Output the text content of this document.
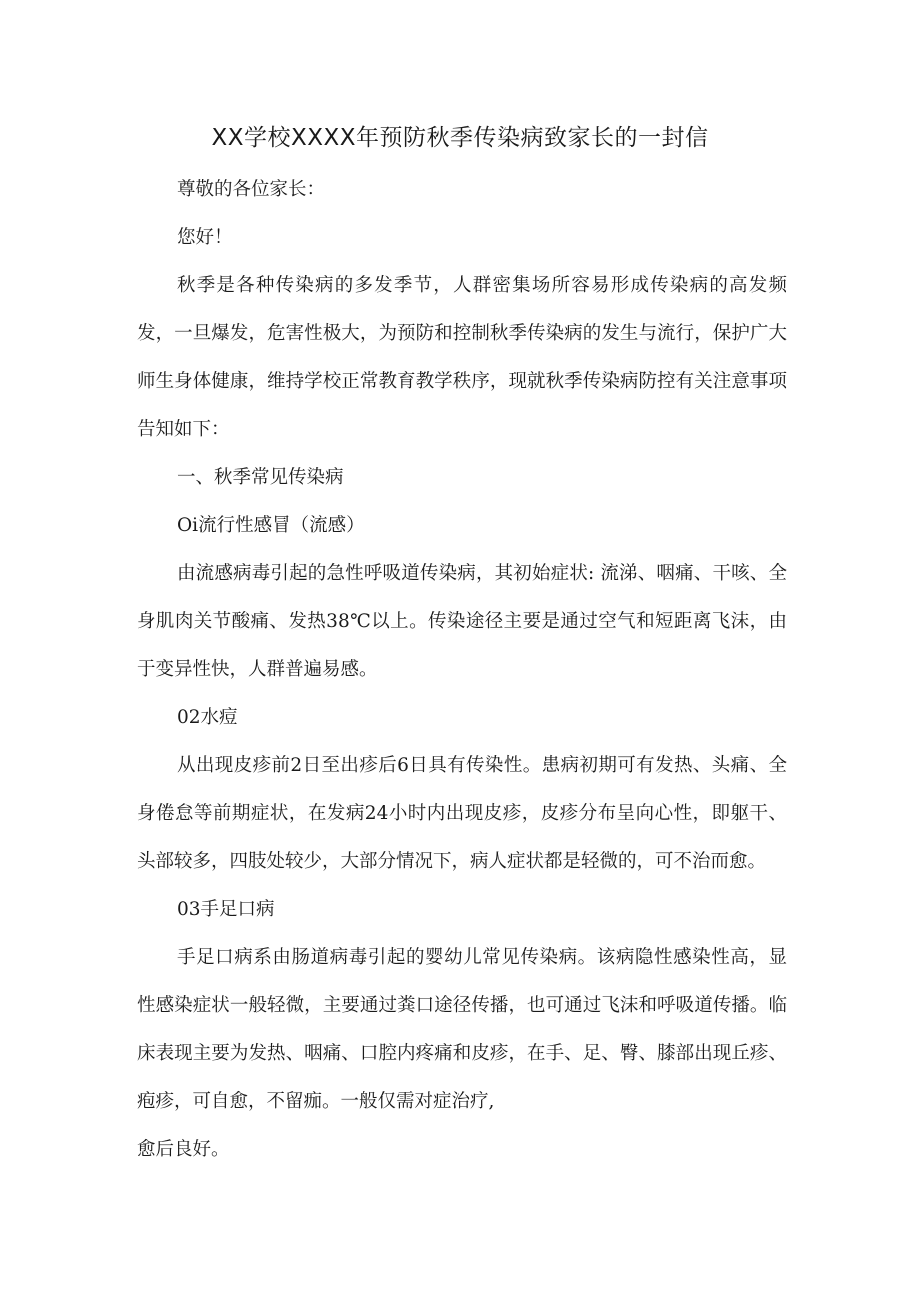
XX学校XXXX年预防秋季传染病致家长的一封信

尊敬的各位家长：

您好！

秋季是各种传染病的多发季节，人群密集场所容易形成传染病的高发频发，一旦爆发，危害性极大，为预防和控制秋季传染病的发生与流行，保护广大师生身体健康，维持学校正常教育教学秩序，现就秋季传染病防控有关注意事项告知如下：

一、秋季常见传染病

Oi流行性感冒（流感）

由流感病毒引起的急性呼吸道传染病，其初始症状: 流涕、咽痛、干咳、全身肌肉关节酸痛、发热38℃以上。传染途径主要是通过空气和短距离飞沫，由于变异性快，人群普遍易感。

02水痘

从出现皮疹前2日至出疹后6日具有传染性。患病初期可有发热、头痛、全身倦怠等前期症状，在发病24小时内出现皮疹，皮疹分布呈向心性，即躯干、头部较多，四肢处较少，大部分情况下，病人症状都是轻微的，可不治而愈。

03手足口病

手足口病系由肠道病毒引起的婴幼儿常见传染病。该病隐性感染性高，显性感染症状一般轻微，主要通过粪口途径传播，也可通过飞沫和呼吸道传播。临床表现主要为发热、咽痛、口腔内疼痛和皮疹，在手、足、臀、膝部出现丘疹、疱疹，可自愈，不留痂。一般仅需对症治疗,

愈后良好。
